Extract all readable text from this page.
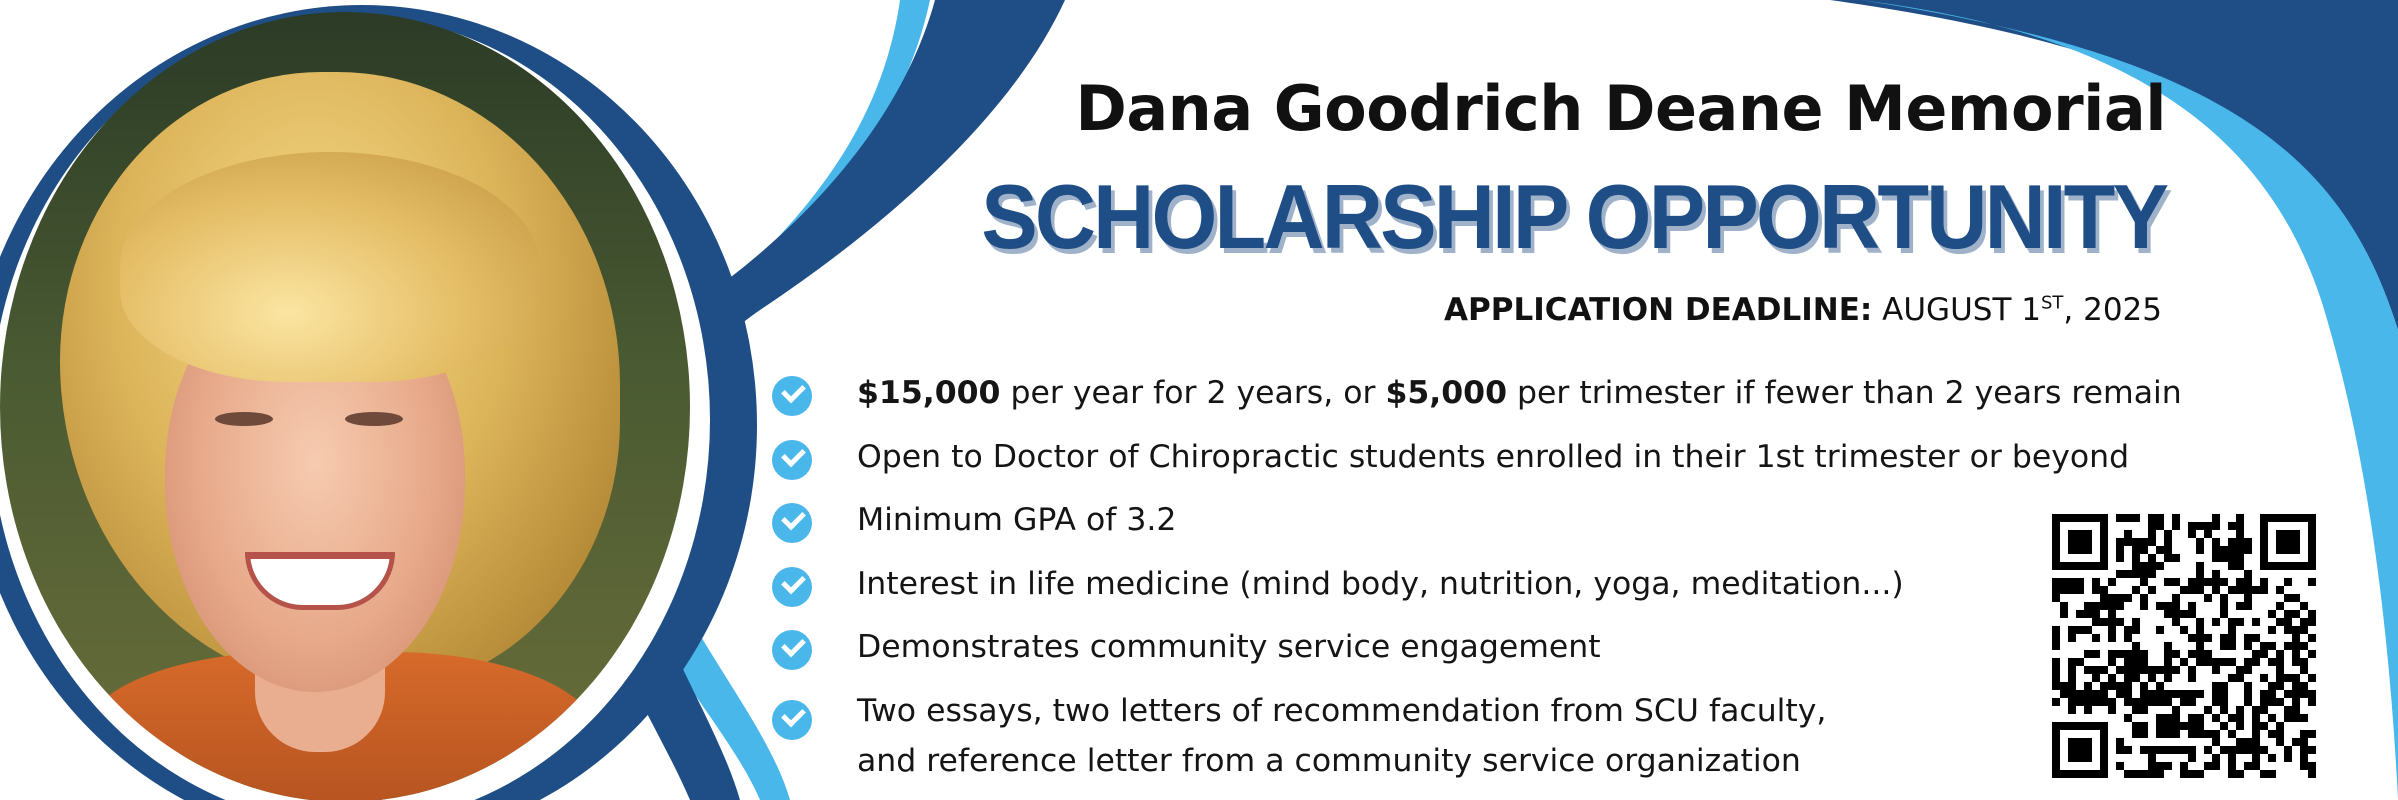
Dana Goodrich Deane Memorial
SCHOLARSHIP OPPORTUNITY
APPLICATION DEADLINE: AUGUST 1ST, 2025
$15,000 per year for 2 years, or $5,000 per trimester if fewer than 2 years remain
Open to Doctor of Chiropractic students enrolled in their 1st trimester or beyond
Minimum GPA of 3.2
Interest in life medicine (mind body, nutrition, yoga, meditation...)
Demonstrates community service engagement
Two essays, two letters of recommendation from SCU faculty,
and reference letter from a community service organization
